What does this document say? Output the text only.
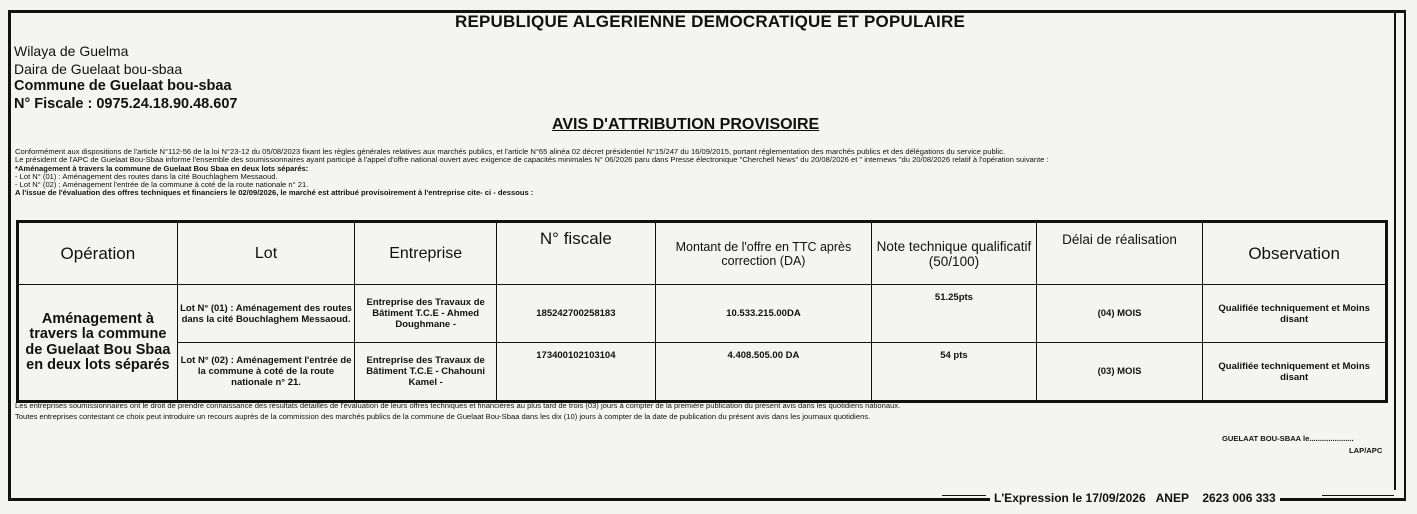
REPUBLIQUE ALGERIENNE DEMOCRATIQUE ET POPULAIRE
Wilaya de Guelma
Daira de Guelaat bou-sbaa
Commune de Guelaat bou-sbaa
N° Fiscale : 0975.24.18.90.48.607
AVIS D'ATTRIBUTION PROVISOIRE
Conformément aux dispositions de l'article N°112-56 de la loi N°23-12 du 05/08/2023 fixant les règles générales relatives aux marchés publics, et l'article N°65 alinéa 02 décret présidentiel N°15/247 du 16/09/2015, portant réglementation des marchés publics et des délégations du service public.
Le président de l'APC de Guelaat Bou-Sbaa informe l'ensemble des soumissionnaires ayant participé à l'appel d'offre national ouvert avec exigence de capacités minimales N° 06/2026 paru dans Presse électronique "Cherchell News" du 20/08/2026 et " internews "du 20/08/2026 relatif à l'opération suivante :
*Aménagement à travers la commune de Guelaat Bou Sbaa en deux lots séparés:
- Lot N° (01) : Aménagement des routes dans la cité Bouchlaghem Messaoud.
- Lot N° (02) : Aménagement l'entrée de la commune à coté de la route nationale n° 21.
A l'issue de l'évaluation des offres techniques et financiers le 02/09/2026, le marché est attribué provisoirement à l'entreprise cite- ci - dessous :
Opération	Lot	Entreprise	N° fiscale	Montant de l'offre en TTC après correction (DA)	Note technique qualificatif (50/100)	Délai de réalisation	Observation
Aménagement à travers la commune de Guelaat Bou Sbaa en deux lots séparés	Lot N° (01) : Aménagement des routes dans la cité Bouchlaghem Messaoud.	Entreprise des Travaux de Bâtiment T.C.E - Ahmed Doughmane -	185242700258183	10.533.215.00DA	51.25pts	(04) MOIS	Qualifiée techniquement et Moins disant
	Lot N° (02) : Aménagement l'entrée de la commune à coté de la route nationale n° 21.	Entreprise des Travaux de Bâtiment T.C.E - Chahouni Kamel -	173400102103104	4.408.505.00 DA	54 pts	(03) MOIS	Qualifiée techniquement et Moins disant
Les entreprises soumissionnaires ont le droit de prendre connaissance des résultats détaillés de l'évaluation de leurs offres techniques et financières au plus tard de trois (03) jours à compter de la première publication du présent avis dans les quotidiens nationaux.
Toutes entreprises contestant ce choix peut introduire un recours auprès de la commission des marchés publics de la commune de Guelaat Bou-Sbaa dans les dix (10) jours à compter de la date de publication du présent avis dans les journaux quotidiens.
GUELAAT BOU-SBAA le.....................
LAP/APC
L'Expression le 17/09/2026 ANEP 2623 006 333
